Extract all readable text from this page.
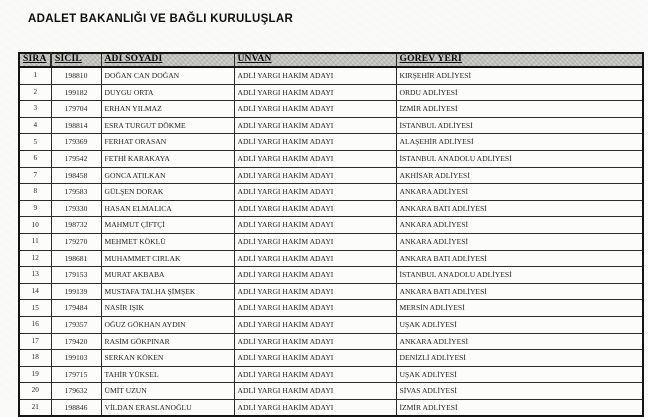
ADALET BAKANLIĞI VE BAĞLI KURULUŞLAR
SIRA	SİCİL	ADI SOYADI	UNVAN	GÖREV YERİ
1	198810	DOĞAN CAN DOĞAN	ADLİ YARGI HAKİM ADAYI	KIRŞEHİR ADLİYESİ
2	199182	DUYGU ORTA	ADLİ YARGI HAKİM ADAYI	ORDU ADLİYESİ
3	179704	ERHAN YILMAZ	ADLİ YARGI HAKİM ADAYI	İZMİR ADLİYESİ
4	198814	ESRA TURGUT DÖKME	ADLİ YARGI HAKİM ADAYI	İSTANBUL ADLİYESİ
5	179369	FERHAT ORASAN	ADLİ YARGI HAKİM ADAYI	ALAŞEHİR ADLİYESİ
6	179542	FETHİ KARAKAYA	ADLİ YARGI HAKİM ADAYI	İSTANBUL ANADOLU ADLİYESİ
7	198458	GONCA ATILKAN	ADLİ YARGI HAKİM ADAYI	AKHİSAR ADLİYESİ
8	179583	GÜLŞEN DORAK	ADLİ YARGI HAKİM ADAYI	ANKARA ADLİYESİ
9	179330	HASAN ELMALICA	ADLİ YARGI HAKİM ADAYI	ANKARA BATI ADLİYESİ
10	198732	MAHMUT ÇİFTÇİ	ADLİ YARGI HAKİM ADAYI	ANKARA ADLİYESİ
11	179270	MEHMET KÖKLÜ	ADLİ YARGI HAKİM ADAYI	ANKARA ADLİYESİ
12	198681	MUHAMMET CIRLAK	ADLİ YARGI HAKİM ADAYI	ANKARA BATI ADLİYESİ
13	179153	MURAT AKBABA	ADLİ YARGI HAKİM ADAYI	İSTANBUL ANADOLU ADLİYESİ
14	199139	MUSTAFA TALHA ŞİMŞEK	ADLİ YARGI HAKİM ADAYI	ANKARA BATI ADLİYESİ
15	179484	NASİR IŞIK	ADLİ YARGI HAKİM ADAYI	MERSİN ADLİYESİ
16	179357	OĞUZ GÖKHAN AYDIN	ADLİ YARGI HAKİM ADAYI	UŞAK ADLİYESİ
17	179420	RASİM GÖKPINAR	ADLİ YARGI HAKİM ADAYI	ANKARA ADLİYESİ
18	199103	SERKAN KÖKEN	ADLİ YARGI HAKİM ADAYI	DENİZLİ ADLİYESİ
19	179715	TAHİR YÜKSEL	ADLİ YARGI HAKİM ADAYI	UŞAK ADLİYESİ
20	179632	ÜMİT UZUN	ADLİ YARGI HAKİM ADAYI	SİVAS ADLİYESİ
21	198846	VİLDAN ERASLANOĞLU	ADLİ YARGI HAKİM ADAYI	İZMİR ADLİYESİ
